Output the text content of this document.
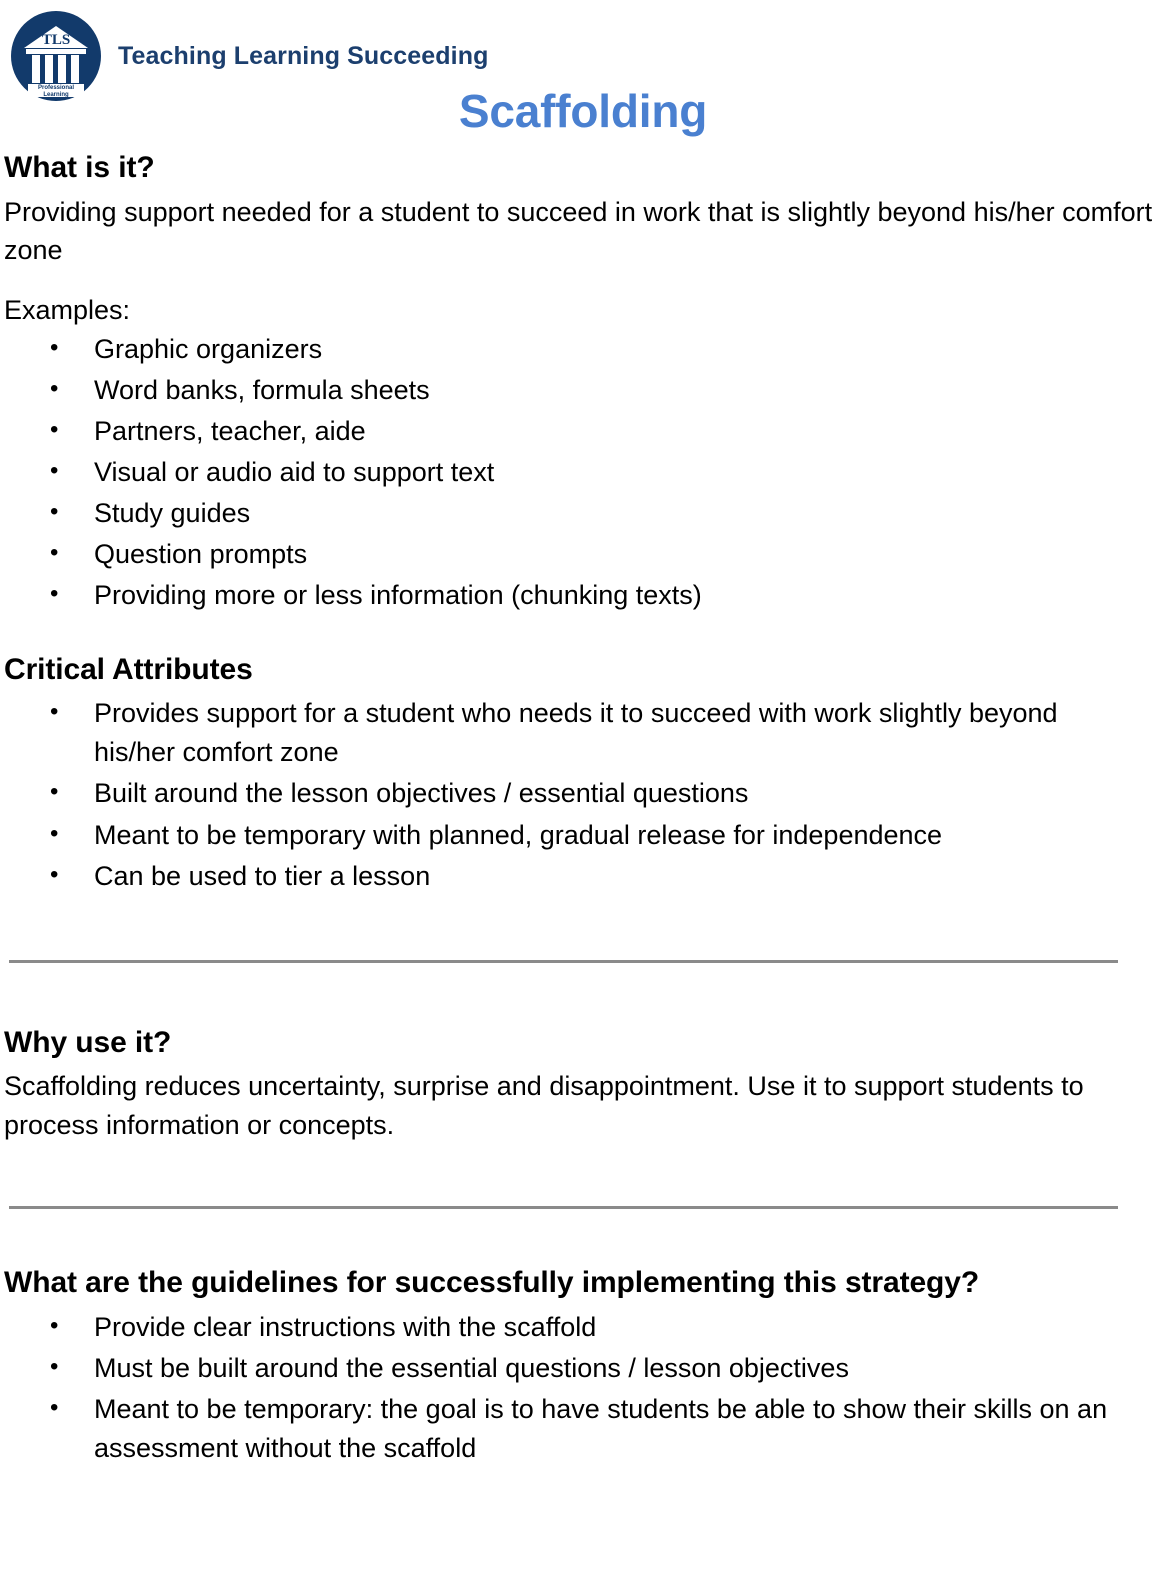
TLS
Professional
Learning
Teaching Learning Succeeding
Scaffolding
What is it?

Providing support needed for a student to succeed in work that is slightly beyond his/her comfort zone

Examples:

• Graphic organizers
• Word banks, formula sheets
• Partners, teacher, aide
• Visual or audio aid to support text
• Study guides
• Question prompts
• Providing more or less information (chunking texts)
Critical Attributes
• Provides support for a student who needs it to succeed with work slightly beyond his/her comfort zone
• Built around the lesson objectives / essential questions
• Meant to be temporary with planned, gradual release for independence
• Can be used to tier a lesson
Why use it?

Scaffolding reduces uncertainty, surprise and disappointment. Use it to support students to process information or concepts.

What are the guidelines for successfully implementing this strategy?
• Provide clear instructions with the scaffold
• Must be built around the essential questions / lesson objectives
• Meant to be temporary: the goal is to have students be able to show their skills on an assessment without the scaffold
